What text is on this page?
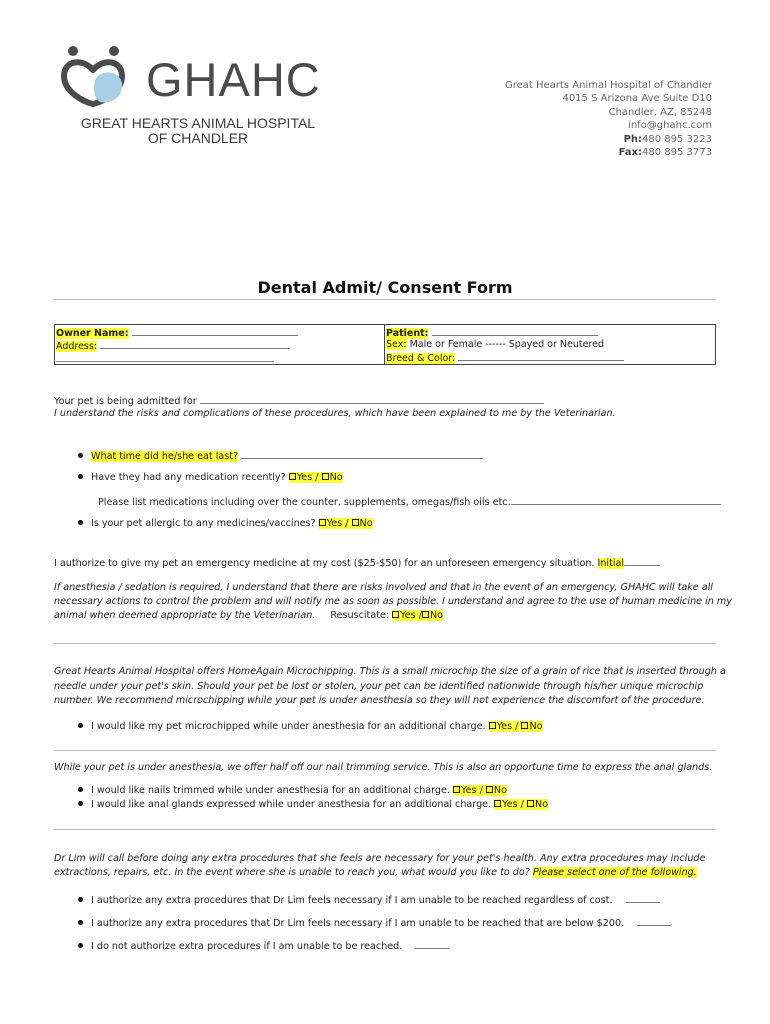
GHAHC
GREAT HEARTS ANIMAL HOSPITAL
OF CHANDLER
Great Hearts Animal Hospital of Chandler
4015 S Arizona Ave Suite D10
Chandler, AZ, 85248
info@ghahc.com
Ph:480 895 3223
Fax:480 895 3773
Dental Admit/ Consent Form
Owner Name:
Address:
Patient:
Sex: Male or Female ------ Spayed or Neutered
Breed & Color:
Your pet is being admitted for
I understand the risks and complications of these procedures, which have been explained to me by the Veterinarian.
What time did he/she eat last?
Have they had any medication recently? Yes / No
Please list medications including over the counter, supplements, omegas/fish oils etc.
Is your pet allergic to any medicines/vaccines? Yes / No
I authorize to give my pet an emergency medicine at my cost ($25-$50) for an unforeseen emergency situation. Initial
If anesthesia / sedation is required, I understand that there are risks involved and that in the event of an emergency, GHAHC will take all
necessary actions to control the problem and will notify me as soon as possible. I understand and agree to the use of human medicine in my
animal when deemed appropriate by the Veterinarian. Resuscitate: Yes / No
Great Hearts Animal Hospital offers HomeAgain Microchipping. This is a small microchip the size of a grain of rice that is inserted through a
needle under your pet's skin. Should your pet be lost or stolen, your pet can be identified nationwide through his/her unique microchip
number. We recommend microchipping while your pet is under anesthesia so they will not experience the discomfort of the procedure.
I would like my pet microchipped while under anesthesia for an additional charge. Yes / No
While your pet is under anesthesia, we offer half off our nail trimming service. This is also an opportune time to express the anal glands.
I would like nails trimmed while under anesthesia for an additional charge. Yes / No
I would like anal glands expressed while under anesthesia for an additional charge. Yes / No
Dr Lim will call before doing any extra procedures that she feels are necessary for your pet's health. Any extra procedures may include
extractions, repairs, etc. In the event where she is unable to reach you, what would you like to do? Please select one of the following.
I authorize any extra procedures that Dr Lim feels necessary if I am unable to be reached regardless of cost.
I authorize any extra procedures that Dr Lim feels necessary if I am unable to be reached that are below $200.
I do not authorize extra procedures if I am unable to be reached.
